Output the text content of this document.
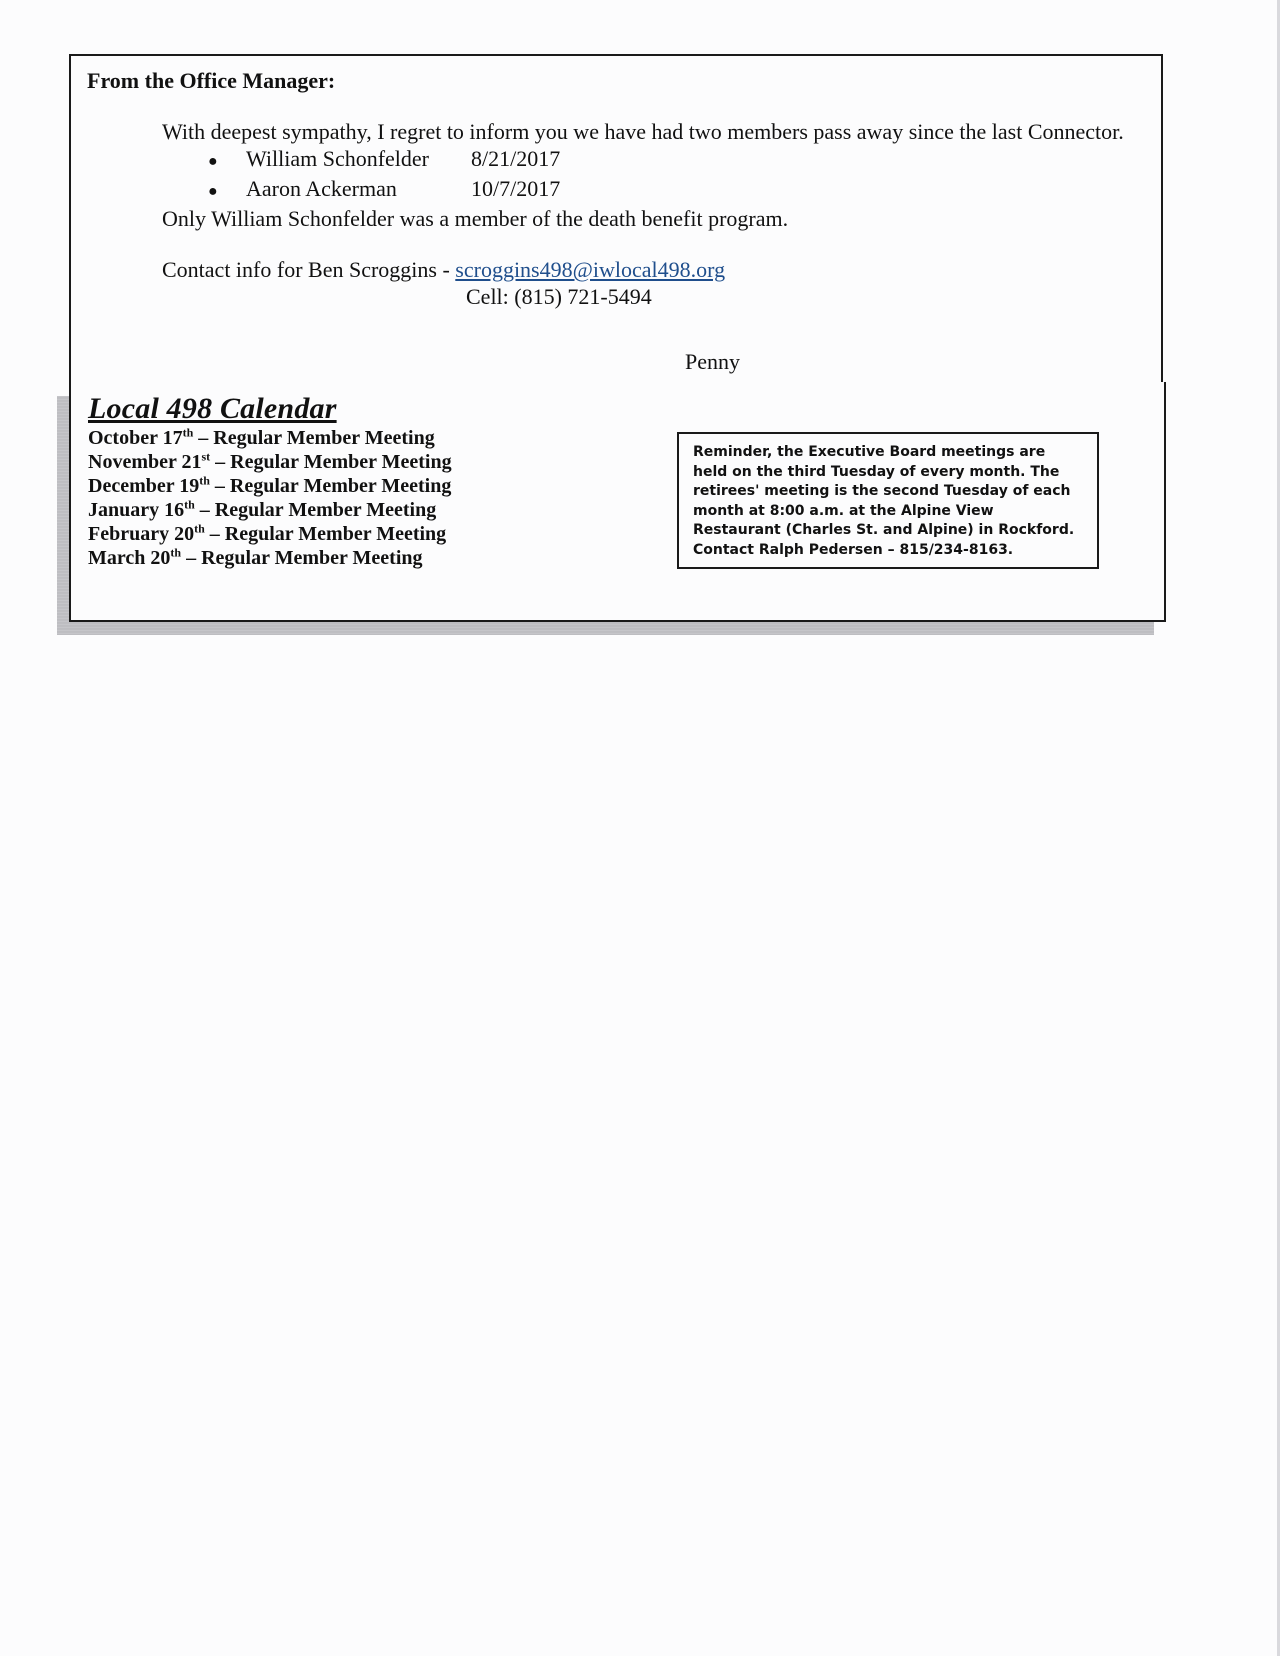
From the Office Manager:

With deepest sympathy, I regret to inform you we have had two members pass away since the last Connector.

●	William Schonfelder	8/21/2017
●	Aaron Ackerman	10/7/2017

Only William Schonfelder was a member of the death benefit program.

Contact info for Ben Scroggins - scroggins498@iwlocal498.org

Cell: (815) 721-5494

Penny
Local 498 Calendar
October 17th – Regular Member Meeting
November 21st – Regular Member Meeting
December 19th – Regular Member Meeting
January 16th – Regular Member Meeting
February 20th – Regular Member Meeting
March 20th – Regular Member Meeting
Reminder, the Executive Board meetings are held on the third Tuesday of every month. The retirees' meeting is the second Tuesday of each month at 8:00 a.m. at the Alpine View Restaurant (Charles St. and Alpine) in Rockford. Contact Ralph Pedersen – 815/234-8163.
